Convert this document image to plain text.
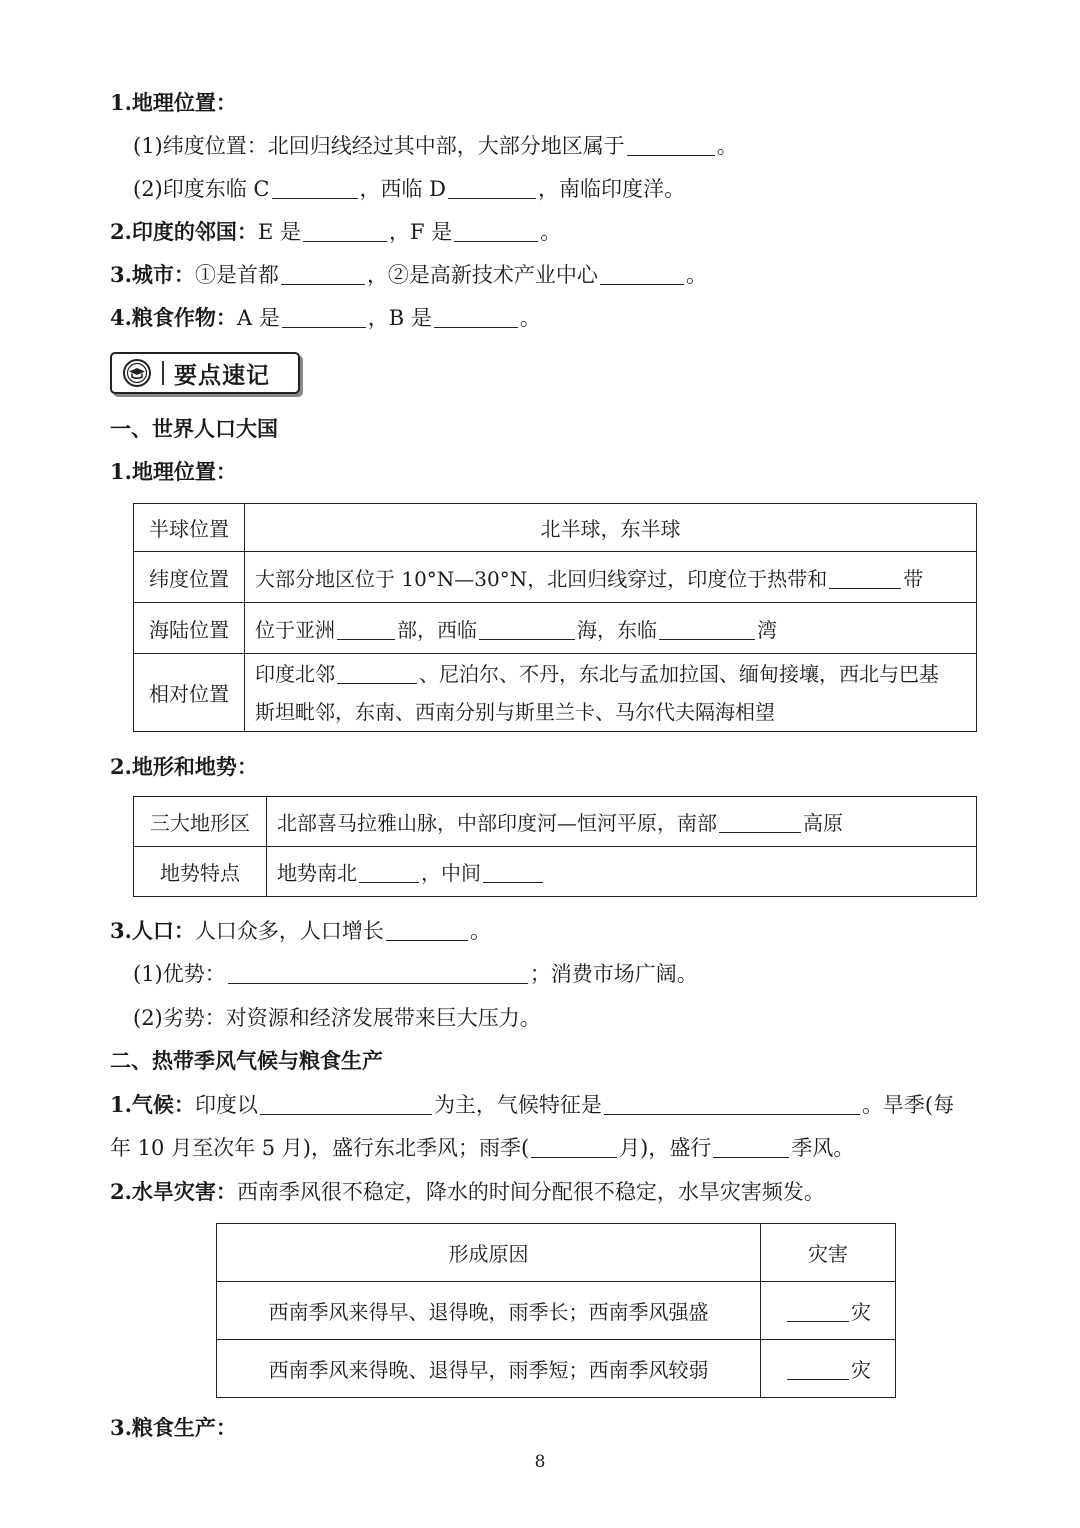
1.地理位置：
(1)纬度位置：北回归线经过其中部，大部分地区属于	。
(2)印度东临 C	，西临 D	，南临印度洋。
2.印度的邻国：E 是	，F 是	。
3.城市：①是首都	，②是高新技术产业中心	。
4.粮食作物：A 是	，B 是	。
要点速记
一、世界人口大国
1.地理位置：
半球位置	北半球，东半球
纬度位置	大部分地区位于 10°N—30°N，北回归线穿过，印度位于热带和 带
海陆位置	位于亚洲 部，西临 海，东临 湾
相对位置	印度北邻 、尼泊尔、不丹，东北与孟加拉国、缅甸接壤，西北与巴基
斯坦毗邻，东南、西南分别与斯里兰卡、马尔代夫隔海相望
2.地形和地势：
三大地形区	北部喜马拉雅山脉，中部印度河—恒河平原，南部 高原
地势特点	地势南北 ，中间
3.人口：人口众多，人口增长	。
(1)优势：	；消费市场广阔。
(2)劣势：对资源和经济发展带来巨大压力。
二、热带季风气候与粮食生产
1.气候：印度以	为主，气候特征是	。旱季(每
年 10 月至次年 5 月)，盛行东北季风；雨季(	月)，盛行	季风。
2.水旱灾害：西南季风很不稳定，降水的时间分配很不稳定，水旱灾害频发。
形成原因	灾害
西南季风来得早、退得晚，雨季长；西南季风强盛	灾
西南季风来得晚、退得早，雨季短；西南季风较弱	灾
3.粮食生产：
8
